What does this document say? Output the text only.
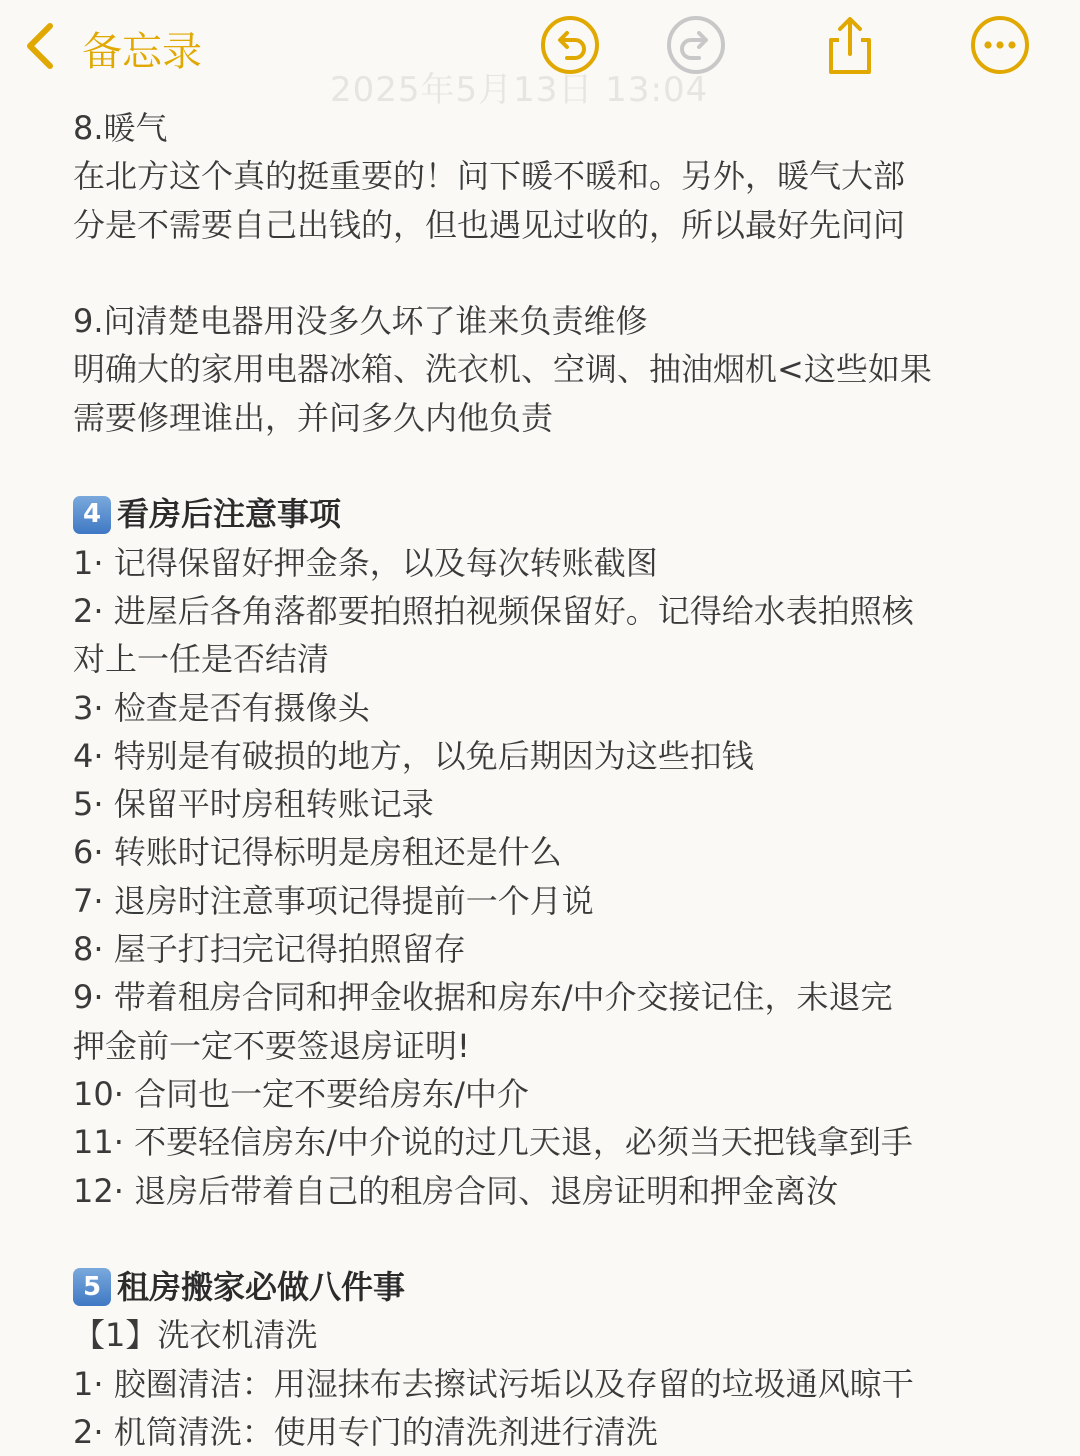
备忘录
2025年5月13日 13:04
8.暖气
在北方这个真的挺重要的！问下暖不暖和。另外，暖气大部
分是不需要自己出钱的，但也遇见过收的，所以最好先问问
9.问清楚电器用没多久坏了谁来负责维修
明确大的家用电器冰箱、洗衣机、空调、抽油烟机<这些如果
需要修理谁出，并问多久内他负责
4 看房后注意事项
1· 记得保留好押金条，以及每次转账截图
2· 进屋后各角落都要拍照拍视频保留好。记得给水表拍照核
对上一任是否结清
3· 检查是否有摄像头
4· 特别是有破损的地方，以免后期因为这些扣钱
5· 保留平时房租转账记录
6· 转账时记得标明是房租还是什么
7· 退房时注意事项记得提前一个月说
8· 屋子打扫完记得拍照留存
9· 带着租房合同和押金收据和房东/中介交接记住，未退完
押金前一定不要签退房证明!
10· 合同也一定不要给房东/中介
11· 不要轻信房东/中介说的过几天退，必须当天把钱拿到手
12· 退房后带着自己的租房合同、退房证明和押金离汝
5 租房搬家必做八件事
【1】洗衣机清洗
1· 胶圈清洁：用湿抹布去擦试污垢以及存留的垃圾通风晾干
2· 机筒清洗：使用专门的清洗剂进行清洗
